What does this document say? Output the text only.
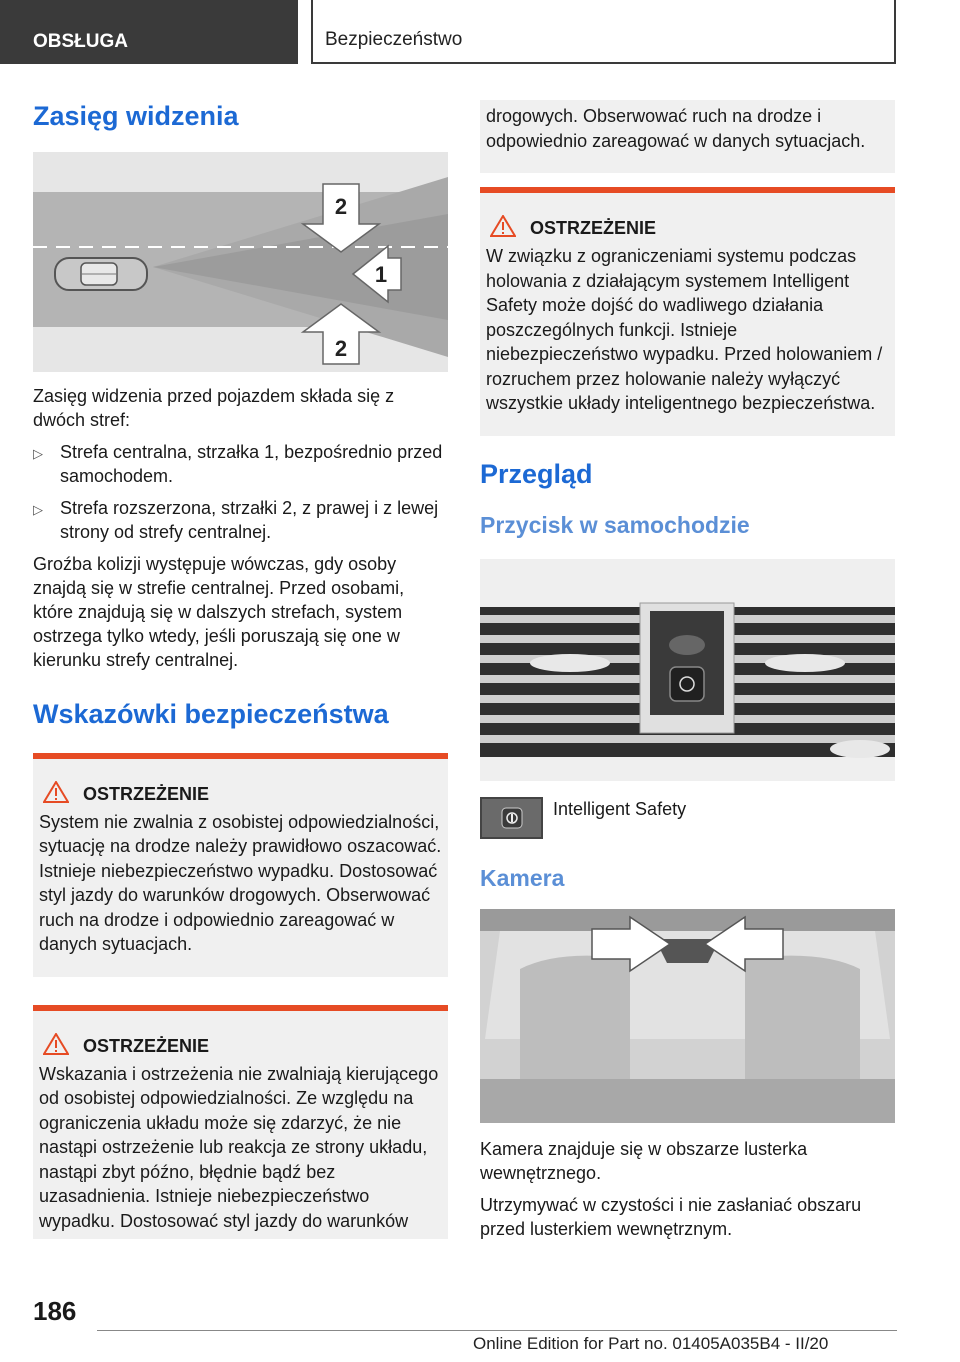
OBSŁUGA	Bezpieczeństwo
Zasięg widzenia
2
1
2

Zasięg widzenia przed pojazdem składa się z dwóch stref:

▷ Strefa centralna, strzałka 1, bezpośrednio przed samochodem.
▷ Strefa rozszerzona, strzałki 2, z prawej i z lewej strony od strefy centralnej.

Groźba kolizji występuje wówczas, gdy osoby znajdą się w strefie centralnej. Przed osobami, które znajdują się w dalszych strefach, system ostrzega tylko wtedy, jeśli poruszają się one w kierunku strefy centralnej.

Wskazówki bezpieczeństwa
OSTRZEŻENIE

System nie zwalnia z osobistej odpowiedzialności, sytuację na drodze należy prawidłowo oszacować. Istnieje niebezpieczeństwo wypadku. Dostosować styl jazdy do warunków drogowych. Obserwować ruch na drodze i odpowiednio zareagować w danych sytuacjach.

OSTRZEŻENIE

Wskazania i ostrzeżenia nie zwalniają kierującego od osobistej odpowiedzialności. Ze względu na ograniczenia układu może się zdarzyć, że nie nastąpi ostrzeżenie lub reakcja ze strony układu, nastąpi zbyt późno, błędnie bądź bez uzasadnienia. Istnieje niebezpieczeństwo wypadku. Dostosować styl jazdy do warunków

drogowych. Obserwować ruch na drodze i odpowiednio zareagować w danych sytuacjach.

OSTRZEŻENIE

W związku z ograniczeniami systemu podczas holowania z działającym systemem Intelligent Safety może dojść do wadliwego działania poszczególnych funkcji. Istnieje niebezpieczeństwo wypadku. Przed holowaniem / rozruchem przez holowanie należy wyłączyć wszystkie układy inteligentnego bezpieczeństwa.

Przegląd
Przycisk w samochodzie
Intelligent Safety
Kamera

Kamera znajduje się w obszarze lusterka wewnętrznego.

Utrzymywać w czystości i nie zasłaniać obszaru przed lusterkiem wewnętrznym.

186
Online Edition for Part no. 01405A035B4 - II/20
